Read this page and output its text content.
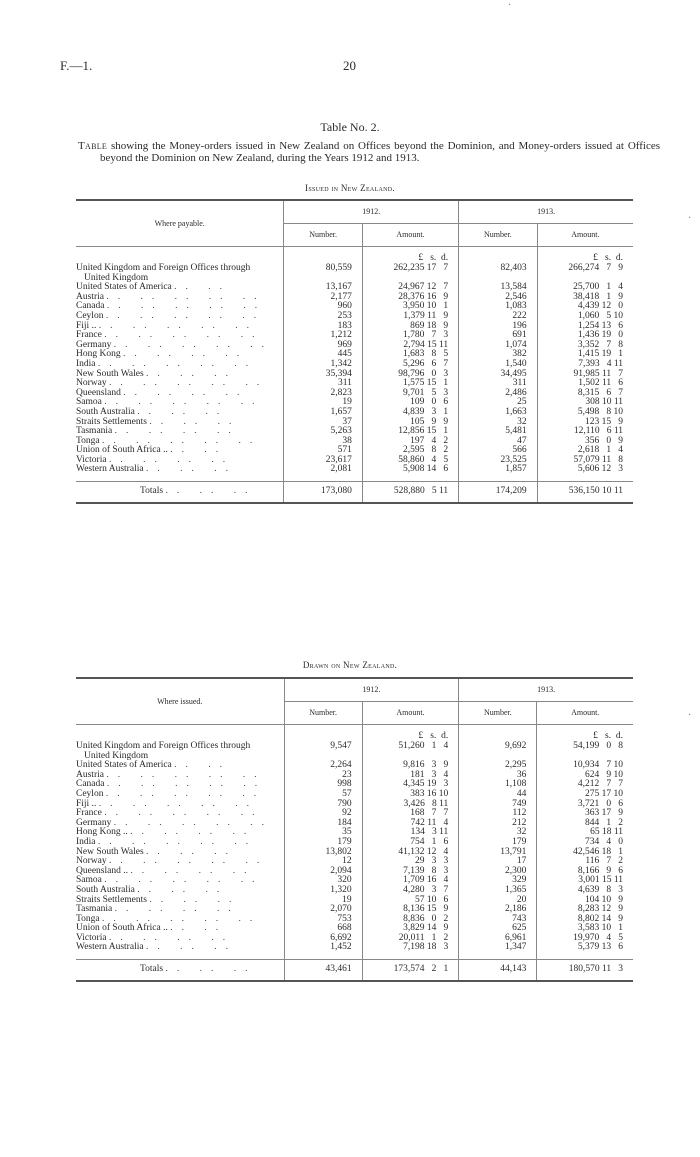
·
F.—1.	20
Table No. 2.
Table showing the Money-orders issued in New Zealand on Offices beyond the Dominion, and Money-orders issued at Offices beyond the Dominion on New Zealand, during the Years 1912 and 1913.
Issued in New Zealand.
Where payable.	1912.		1913.	
	Number.	Amount.	Number.	Amount.

		£   s.  d.		£   s.  d.
United Kingdom and Foreign Offices through	80,559	262,235 17   7	82,403	266,274   7   9
United Kingdom				
United States of America .. ..	13,167	24,967 12   7	13,584	25,700   1   4
Austria .. .. .. .. ..	2,177	28,376 16   9	2,546	38,418   1   9
Canada .. .. .. .. ..	960	3,950 10   1	1,083	4,439 12   0
Ceylon .. .. .. .. ..	253	1,379 11   9	222	1,060   5 10
Fiji .. .. .. .. .. ..	183	869 18   9	196	1,254 13   6
France .. .. .. .. ..	1,212	1,780   7   3	691	1,436 19   0
Germany .. .. .. .. ..	969	2,794 15 11	1,074	3,352   7   8
Hong Kong .. .. .. ..	445	1,683   8   5	382	1,415 19   1
India .. .. .. .. ..	1,342	5,296   6   7	1,540	7,393   4 11
New South Wales .. .. ..	35,394	98,796   0   3	34,495	91,985 11   7
Norway .. .. .. .. ..	311	1,575 15   1	311	1,502 11   6
Queensland .. .. .. ..	2,823	9,701   5   3	2,486	8,315   6   7
Samoa .. .. .. .. ..	19	109   0   6	25	308 10 11
South Australia .. .. ..	1,657	4,839   3   1	1,663	5,498   8 10
Straits Settlements .. .. ..	37	105   9   9	32	123 15   9
Tasmania .. .. .. ..	5,263	12,856 15   1	5,481	12,110   6 11
Tonga .. .. .. .. ..	38	197   4   2	47	356   0   9
Union of South Africa .. .. ..	571	2,595   8   2	566	2,618   1   4
Victoria .. .. .. ..	23,617	58,860   4   5	23,525	57,079 11   8
Western Australia .. .. ..	2,081	5,908 14   6	1,857	5,606 12   3

Totals .. .. ..	173,080	528,880   5 11	174,209	536,150 10 11
Drawn on New Zealand.
Where issued.	1912.		1913.	
	Number.	Amount.	Number.	Amount.

		£   s.  d.		£   s.  d.
United Kingdom and Foreign Offices through	9,547	51,260   1   4	9,692	54,199   0   8
United Kingdom				
United States of America .. ..	2,264	9,816   3   9	2,295	10,934   7 10
Austria .. .. .. .. ..	23	181   3   4	36	624   9 10
Canada .. .. .. .. ..	998	4,345 19   3	1,108	4,212   7   7
Ceylon .. .. .. .. ..	57	383 16 10	44	275 17 10
Fiji .. .. .. .. .. ..	790	3,426   8 11	749	3,721   0   6
France .. .. .. .. ..	92	168   7   7	112	363 17   9
Germany .. .. .. .. ..	184	742 11   4	212	844   1   2
Hong Kong .. .. .. .. ..	35	134   3 11	32	65 18 11
India .. .. .. .. ..	179	754   1   6	179	734   4   0
New South Wales .. .. ..	13,802	41,132 12   4	13,791	42,546 18   1
Norway .. .. .. .. ..	12	29   3   3	17	116   7   2
Queensland .. .. .. .. ..	2,094	7,139   8   3	2,300	8,166   9   6
Samoa .. .. .. .. ..	320	1,709 16   4	329	3,001 15 11
South Australia .. .. ..	1,320	4,280   3   7	1,365	4,639   8   3
Straits Settlements .. .. ..	19	57 10   6	20	104 10   9
Tasmania .. .. .. ..	2,070	8,136 15   9	2,186	8,283 12   9
Tonga .. .. .. .. ..	753	8,836   0   2	743	8,802 14   9
Union of South Africa .. .. ..	668	3,829 14   9	625	3,583 10   1
Victoria .. .. .. ..	6,692	20,011   1   2	6,961	19,970   4   5
Western Australia .. .. ..	1,452	7,198 18   3	1,347	5,379 13   6

Totals .. .. ..	43,461	173,574   2   1	44,143	180,570 11   3
·
·
